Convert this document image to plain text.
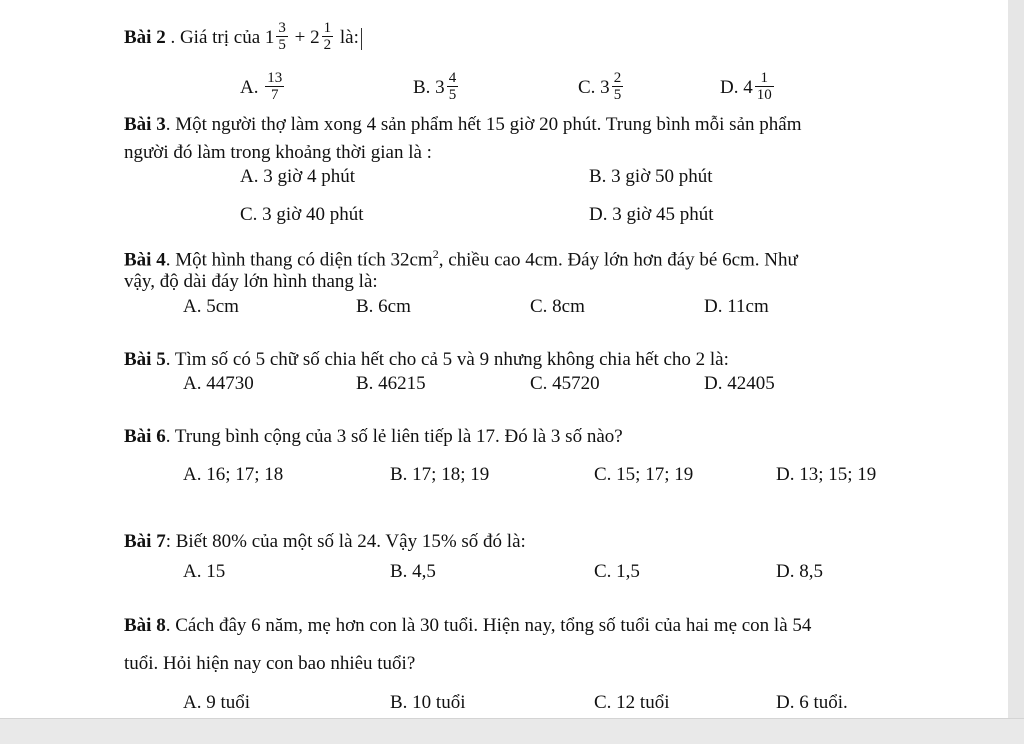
Bài 2 . Giá trị của $1 \frac{3}{5} + 2 \frac{1}{2}$ là:
A. $\frac{13}{7}$	B. $3 \frac{4}{5}$	C. $3 \frac{2}{5}$	D. $4 \frac{1}{10}$
Bài 3. Một người thợ làm xong 4 sản phẩm hết 15 giờ 20 phút. Trung bình mỗi sản phẩm
người đó làm trong khoảng thời gian là :
A. 3 giờ 4 phút	B. 3 giờ 50 phút
C. 3 giờ 40 phút	D. 3 giờ 45 phút
Bài 4. Một hình thang có diện tích $32cm^2$, chiều cao 4cm. Đáy lớn hơn đáy bé 6cm. Như
vậy, độ dài đáy lớn hình thang là:
A. 5cm	B. 6cm	C. 8cm	D. 11cm
Bài 5. Tìm số có 5 chữ số chia hết cho cả 5 và 9 nhưng không chia hết cho 2 là:
A. 44730	B. 46215	C. 45720	D. 42405
Bài 6. Trung bình cộng của 3 số lẻ liên tiếp là 17. Đó là 3 số nào?
A. 16; 17; 18	B. 17; 18; 19	C. 15; 17; 19	D. 13; 15; 19
Bài 7: Biết 80% của một số là 24. Vậy 15% số đó là:
A. 15	B. 4,5	C. 1,5	D. 8,5
Bài 8. Cách đây 6 năm, mẹ hơn con là 30 tuổi. Hiện nay, tổng số tuổi của hai mẹ con là 54
tuổi. Hỏi hiện nay con bao nhiêu tuổi?
A. 9 tuổi	B. 10 tuổi	C. 12 tuổi	D. 6 tuổi.
